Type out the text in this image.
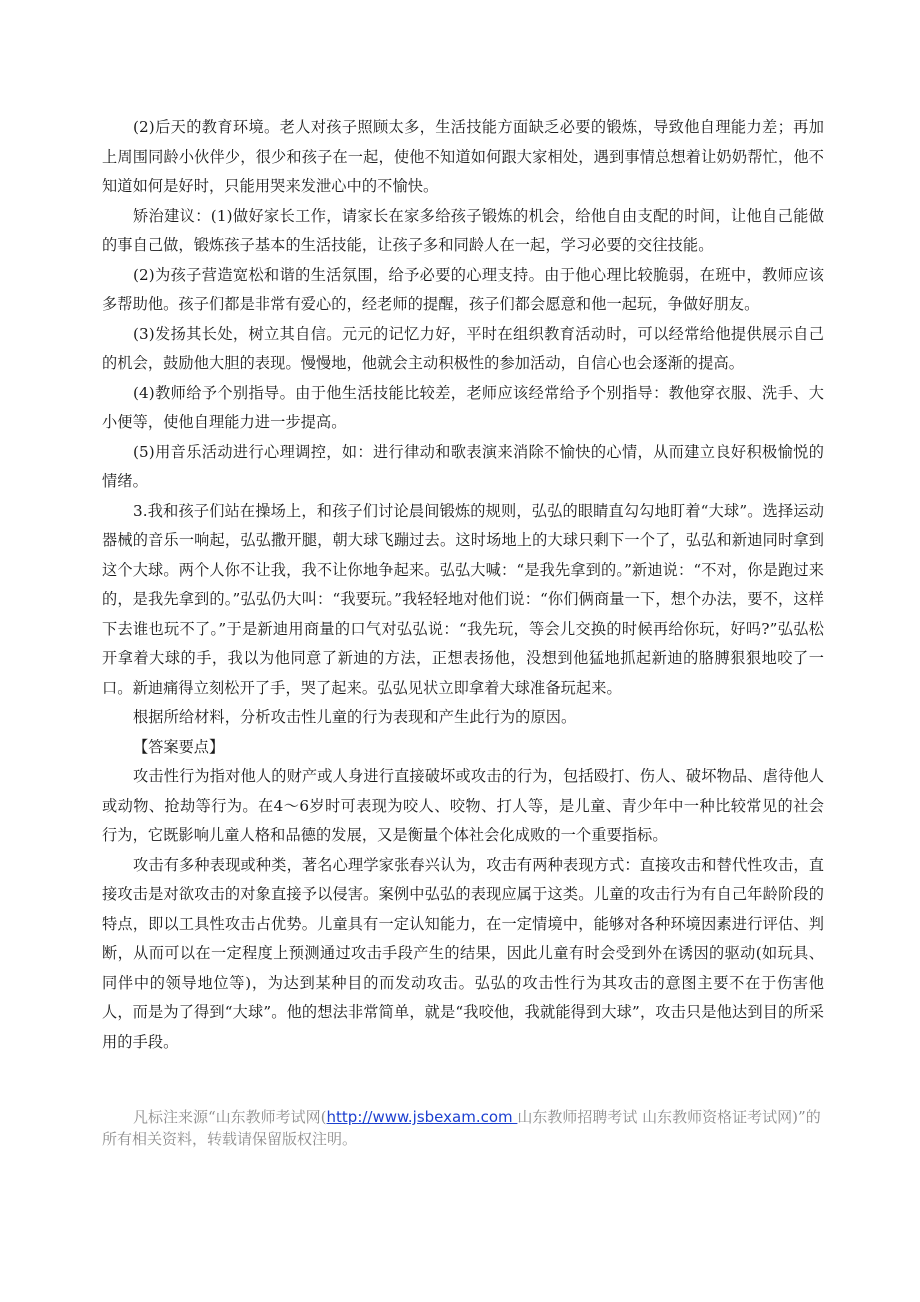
(2)后天的教育环境。老人对孩子照顾太多，生活技能方面缺乏必要的锻炼，导致他自理能力差；再加上周围同龄小伙伴少，很少和孩子在一起，使他不知道如何跟大家相处，遇到事情总想着让奶奶帮忙，他不知道如何是好时，只能用哭来发泄心中的不愉快。

矫治建议：(1)做好家长工作，请家长在家多给孩子锻炼的机会，给他自由支配的时间，让他自己能做的事自己做，锻炼孩子基本的生活技能，让孩子多和同龄人在一起，学习必要的交往技能。

(2)为孩子营造宽松和谐的生活氛围，给予必要的心理支持。由于他心理比较脆弱，在班中，教师应该多帮助他。孩子们都是非常有爱心的，经老师的提醒，孩子们都会愿意和他一起玩，争做好朋友。

(3)发扬其长处，树立其自信。元元的记忆力好，平时在组织教育活动时，可以经常给他提供展示自己的机会，鼓励他大胆的表现。慢慢地，他就会主动积极性的参加活动，自信心也会逐渐的提高。

(4)教师给予个别指导。由于他生活技能比较差，老师应该经常给予个别指导：教他穿衣服、洗手、大小便等，使他自理能力进一步提高。

(5)用音乐活动进行心理调控，如：进行律动和歌表演来消除不愉快的心情，从而建立良好积极愉悦的情绪。

3.我和孩子们站在操场上，和孩子们讨论晨间锻炼的规则，弘弘的眼睛直勾勾地盯着“大球”。选择运动器械的音乐一响起，弘弘撒开腿，朝大球飞蹦过去。这时场地上的大球只剩下一个了，弘弘和新迪同时拿到这个大球。两个人你不让我，我不让你地争起来。弘弘大喊：“是我先拿到的。”新迪说：“不对，你是跑过来的，是我先拿到的。”弘弘仍大叫：“我要玩。”我轻轻地对他们说：“你们俩商量一下，想个办法，要不，这样下去谁也玩不了。”于是新迪用商量的口气对弘弘说：“我先玩，等会儿交换的时候再给你玩，好吗?”弘弘松开拿着大球的手，我以为他同意了新迪的方法，正想表扬他，没想到他猛地抓起新迪的胳膊狠狠地咬了一口。新迪痛得立刻松开了手，哭了起来。弘弘见状立即拿着大球准备玩起来。

根据所给材料，分析攻击性儿童的行为表现和产生此行为的原因。

【答案要点】

攻击性行为指对他人的财产或人身进行直接破坏或攻击的行为，包括殴打、伤人、破坏物品、虐待他人或动物、抢劫等行为。在4～6岁时可表现为咬人、咬物、打人等，是儿童、青少年中一种比较常见的社会行为，它既影响儿童人格和品德的发展，又是衡量个体社会化成败的一个重要指标。

攻击有多种表现或种类，著名心理学家张春兴认为，攻击有两种表现方式：直接攻击和替代性攻击，直接攻击是对欲攻击的对象直接予以侵害。案例中弘弘的表现应属于这类。儿童的攻击行为有自己年龄阶段的特点，即以工具性攻击占优势。儿童具有一定认知能力，在一定情境中，能够对各种环境因素进行评估、判断，从而可以在一定程度上预测通过攻击手段产生的结果，因此儿童有时会受到外在诱因的驱动(如玩具、同伴中的领导地位等)，为达到某种目的而发动攻击。弘弘的攻击性行为其攻击的意图主要不在于伤害他人，而是为了得到“大球”。他的想法非常简单，就是“我咬他，我就能得到大球”，攻击只是他达到目的所采用的手段。

凡标注来源“山东教师考试网(http://www.jsbexam.com 山东教师招聘考试 山东教师资格证考试网)”的所有相关资料，转载请保留版权注明。
